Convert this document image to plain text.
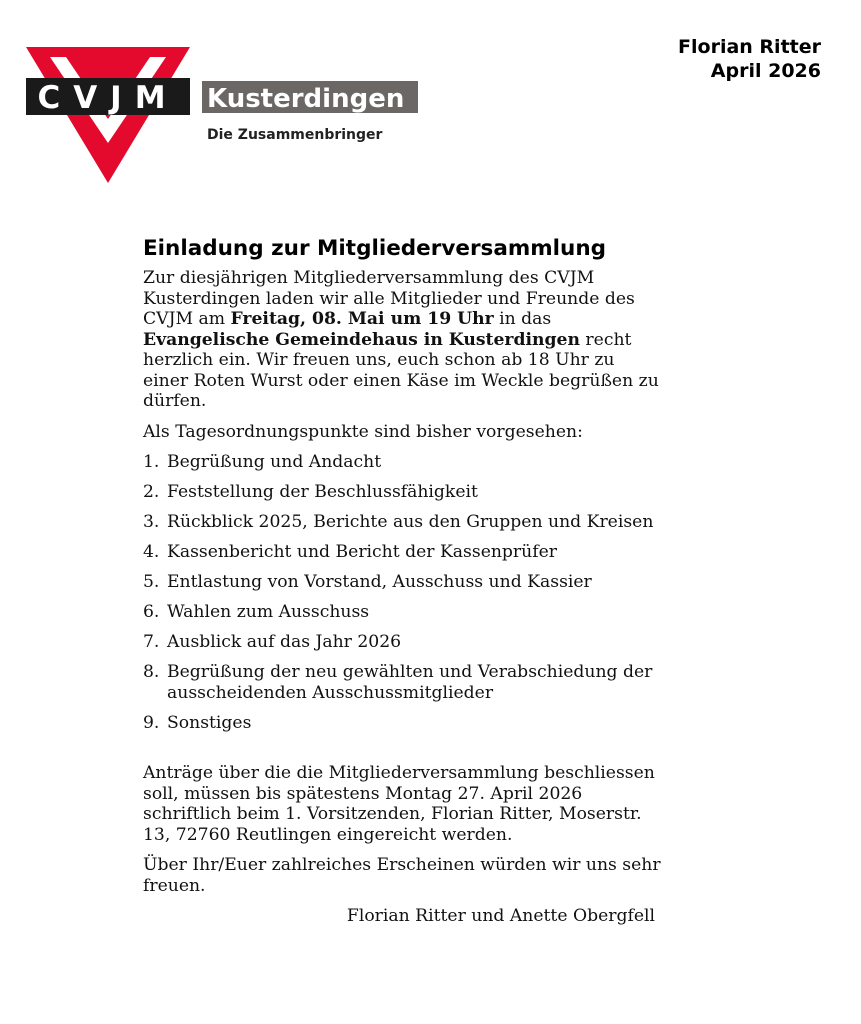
CVJM Kusterdingen
Die Zusammenbringer
Florian Ritter
April 2026
Einladung zur Mitgliederversammlung

Zur diesjährigen Mitgliederversammlung des CVJM Kusterdingen laden wir alle Mitglieder und Freunde des CVJM am Freitag, 08. Mai um 19 Uhr in das Evangelische Gemeindehaus in Kusterdingen recht herzlich ein. Wir freuen uns, euch schon ab 18 Uhr zu einer Roten Wurst oder einen Käse im Weckle begrüßen zu dürfen.

Als Tagesordnungspunkte sind bisher vorgesehen:

1. Begrüßung und Andacht
2. Feststellung der Beschlussfähigkeit
3. Rückblick 2025, Berichte aus den Gruppen und Kreisen
4. Kassenbericht und Bericht der Kassenprüfer
5. Entlastung von Vorstand, Ausschuss und Kassier
6. Wahlen zum Ausschuss
7. Ausblick auf das Jahr 2026
8. Begrüßung der neu gewählten und Verabschiedung der ausscheidenden Ausschussmitglieder
9. Sonstiges

Anträge über die die Mitgliederversammlung beschliessen soll, müssen bis spätestens Montag 27. April 2026 schriftlich beim 1. Vorsitzenden, Florian Ritter, Moserstr. 13, 72760 Reutlingen eingereicht werden.

Über Ihr/Euer zahlreiches Erscheinen würden wir uns sehr freuen.

Florian Ritter und Anette Obergfell
